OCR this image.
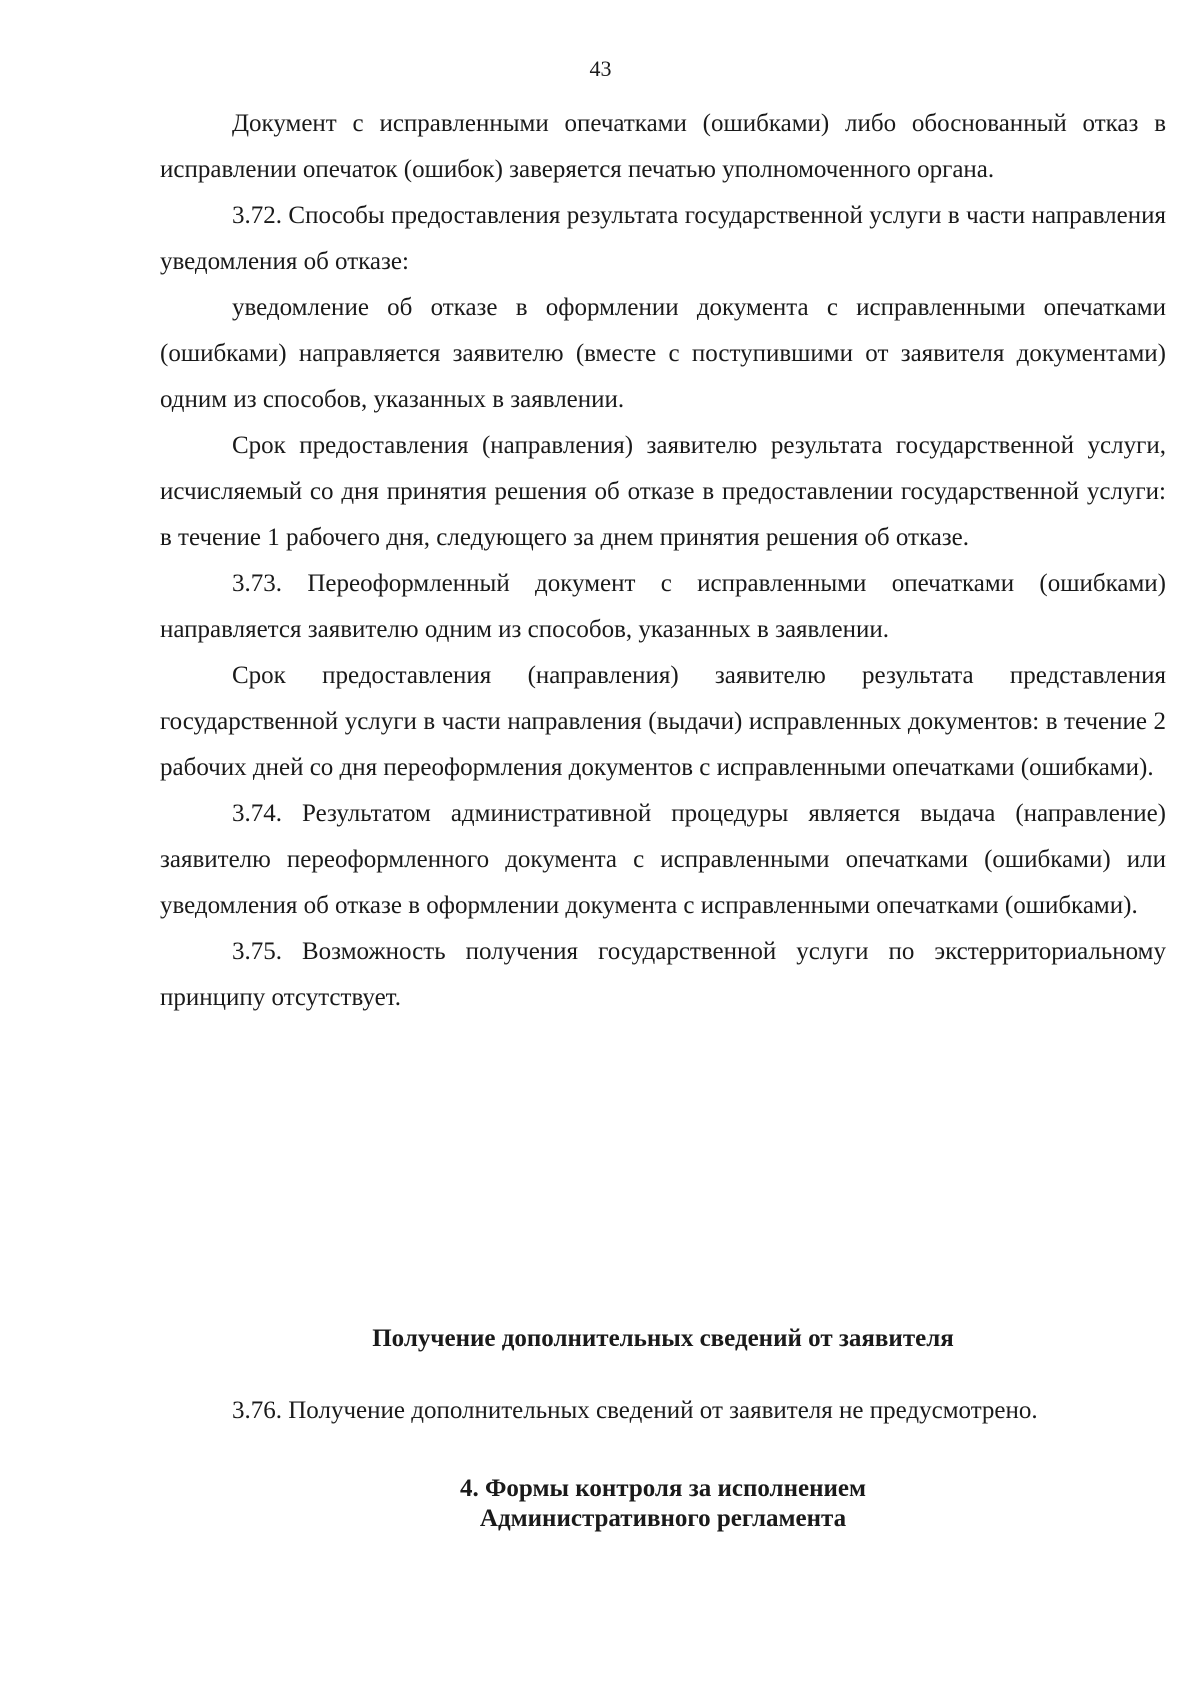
43

Документ с исправленными опечатками (ошибками) либо обоснованный отказ в исправлении опечаток (ошибок) заверяется печатью уполномоченного органа.

3.72. Способы предоставления результата государственной услуги в части направления уведомления об отказе:

уведомление об отказе в оформлении документа с исправленными опечатками (ошибками) направляется заявителю (вместе с поступившими от заявителя документами) одним из способов, указанных в заявлении.

Срок предоставления (направления) заявителю результата государственной услуги, исчисляемый со дня принятия решения об отказе в предоставлении государственной услуги: в течение 1 рабочего дня, следующего за днем принятия решения об отказе.

3.73. Переоформленный документ с исправленными опечатками (ошибками) направляется заявителю одним из способов, указанных в заявлении.

Срок предоставления (направления) заявителю результата представления государственной услуги в части направления (выдачи) исправленных документов: в течение 2 рабочих дней со дня переоформления документов с исправленными опечатками (ошибками).

3.74. Результатом административной процедуры является выдача (направление) заявителю переоформленного документа с исправленными опечатками (ошибками) или уведомления об отказе в оформлении документа с исправленными опечатками (ошибками).

3.75. Возможность получения государственной услуги по экстерриториальному принципу отсутствует.

Получение дополнительных сведений от заявителя

3.76. Получение дополнительных сведений от заявителя не предусмотрено.

4. Формы контроля за исполнением

Административного регламента
